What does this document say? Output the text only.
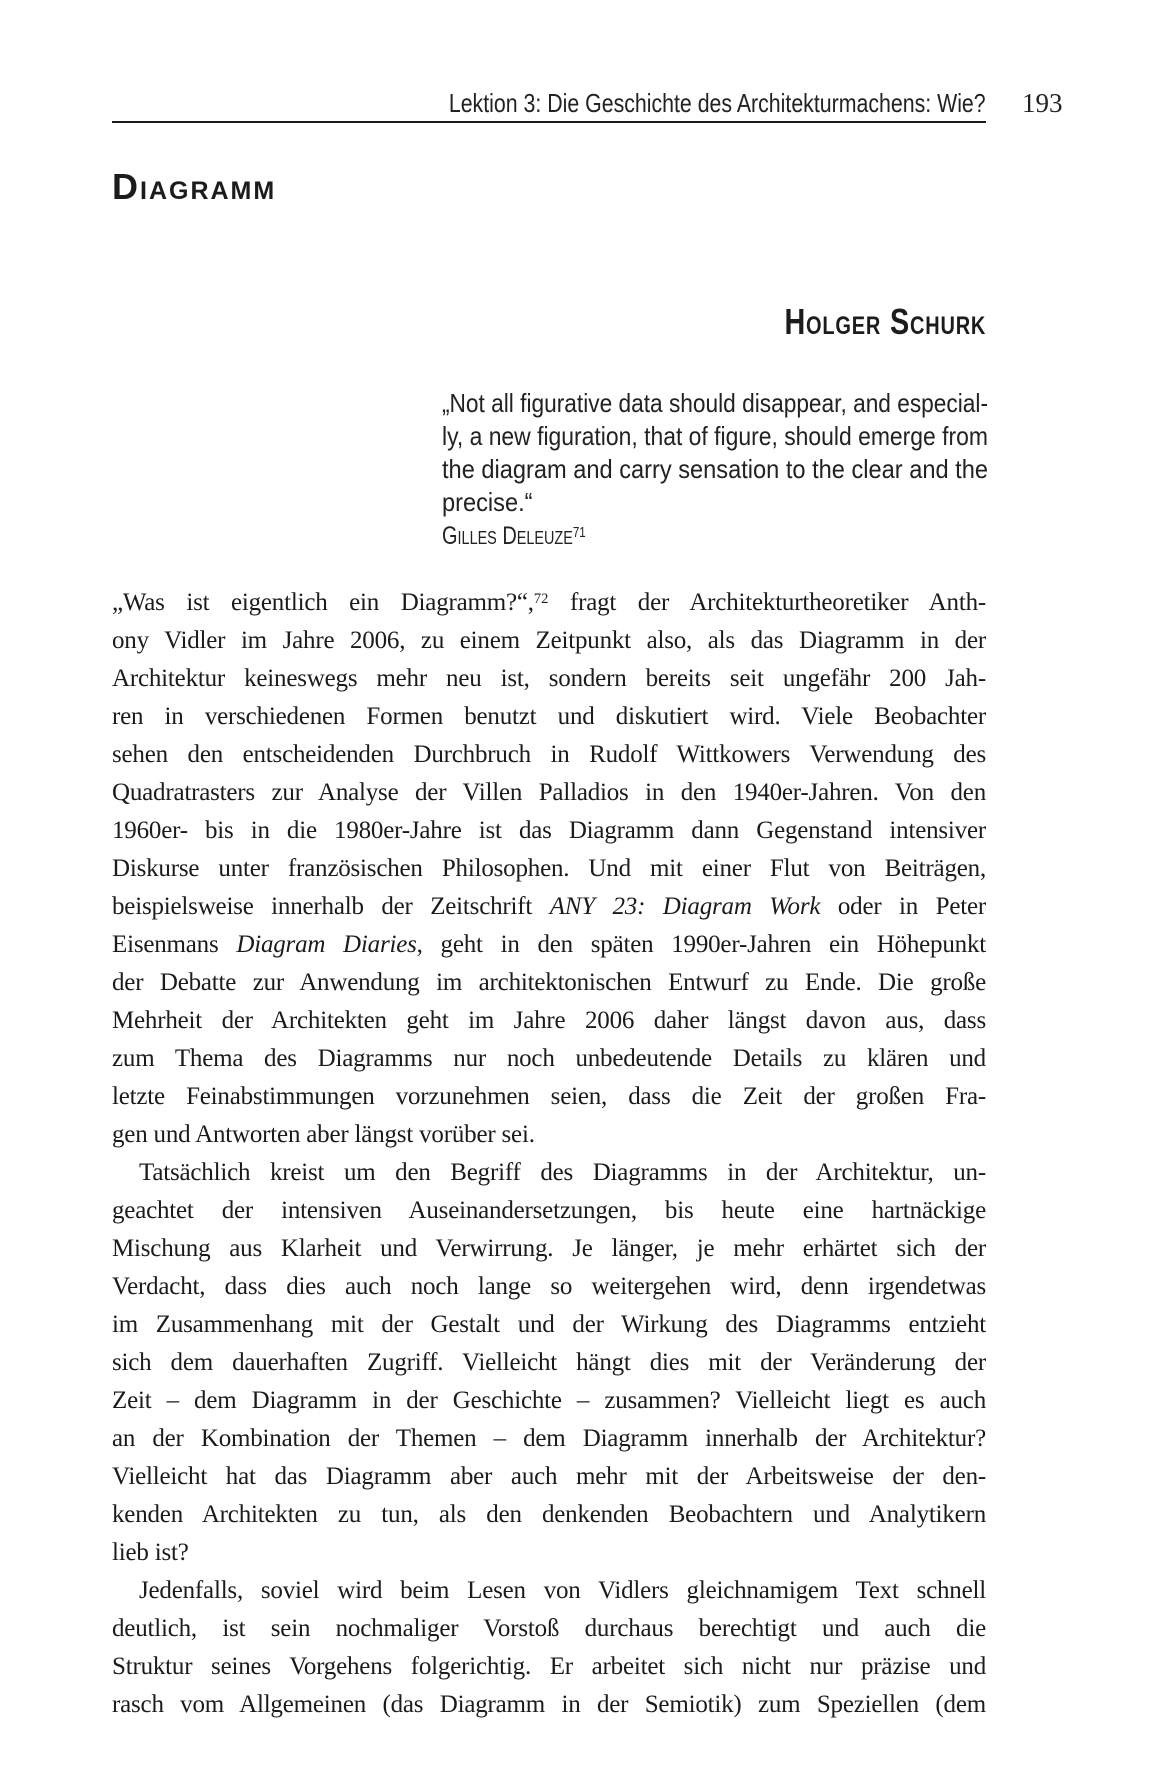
Lektion 3: Die Geschichte des Architekturmachens: Wie? 193
Diagramm
Holger Schurk
„Not all figurative data should disappear, and especial-
ly, a new figuration, that of figure, should emerge from
the diagram and carry sensation to the clear and the
precise.“
Gilles Deleuze$^{71}$
„Was ist eigentlich ein Diagramm?“,$^{72}$ fragt der Architekturtheoretiker Anth-
ony Vidler im Jahre 2006, zu einem Zeitpunkt also, als das Diagramm in der
Architektur keineswegs mehr neu ist, sondern bereits seit ungefähr 200 Jah-
ren in verschiedenen Formen benutzt und diskutiert wird. Viele Beobachter
sehen den entscheidenden Durchbruch in Rudolf Wittkowers Verwendung des
Quadratrasters zur Analyse der Villen Palladios in den 1940er-Jahren. Von den
1960er- bis in die 1980er-Jahre ist das Diagramm dann Gegenstand intensiver
Diskurse unter französischen Philosophen. Und mit einer Flut von Beiträgen,
beispielsweise innerhalb der Zeitschrift ANY 23: Diagram Work oder in Peter
Eisenmans Diagram Diaries, geht in den späten 1990er-Jahren ein Höhepunkt
der Debatte zur Anwendung im architektonischen Entwurf zu Ende. Die große
Mehrheit der Architekten geht im Jahre 2006 daher längst davon aus, dass
zum Thema des Diagramms nur noch unbedeutende Details zu klären und
letzte Feinabstimmungen vorzunehmen seien, dass die Zeit der großen Fra-
gen und Antworten aber längst vorüber sei.
Tatsächlich kreist um den Begriff des Diagramms in der Architektur, un-
geachtet der intensiven Auseinandersetzungen, bis heute eine hartnäckige
Mischung aus Klarheit und Verwirrung. Je länger, je mehr erhärtet sich der
Verdacht, dass dies auch noch lange so weitergehen wird, denn irgendetwas
im Zusammenhang mit der Gestalt und der Wirkung des Diagramms entzieht
sich dem dauerhaften Zugriff. Vielleicht hängt dies mit der Veränderung der
Zeit – dem Diagramm in der Geschichte – zusammen? Vielleicht liegt es auch
an der Kombination der Themen – dem Diagramm innerhalb der Architektur?
Vielleicht hat das Diagramm aber auch mehr mit der Arbeitsweise der den-
kenden Architekten zu tun, als den denkenden Beobachtern und Analytikern
lieb ist?
Jedenfalls, soviel wird beim Lesen von Vidlers gleichnamigem Text schnell
deutlich, ist sein nochmaliger Vorstoß durchaus berechtigt und auch die
Struktur seines Vorgehens folgerichtig. Er arbeitet sich nicht nur präzise und
rasch vom Allgemeinen (das Diagramm in der Semiotik) zum Speziellen (dem
